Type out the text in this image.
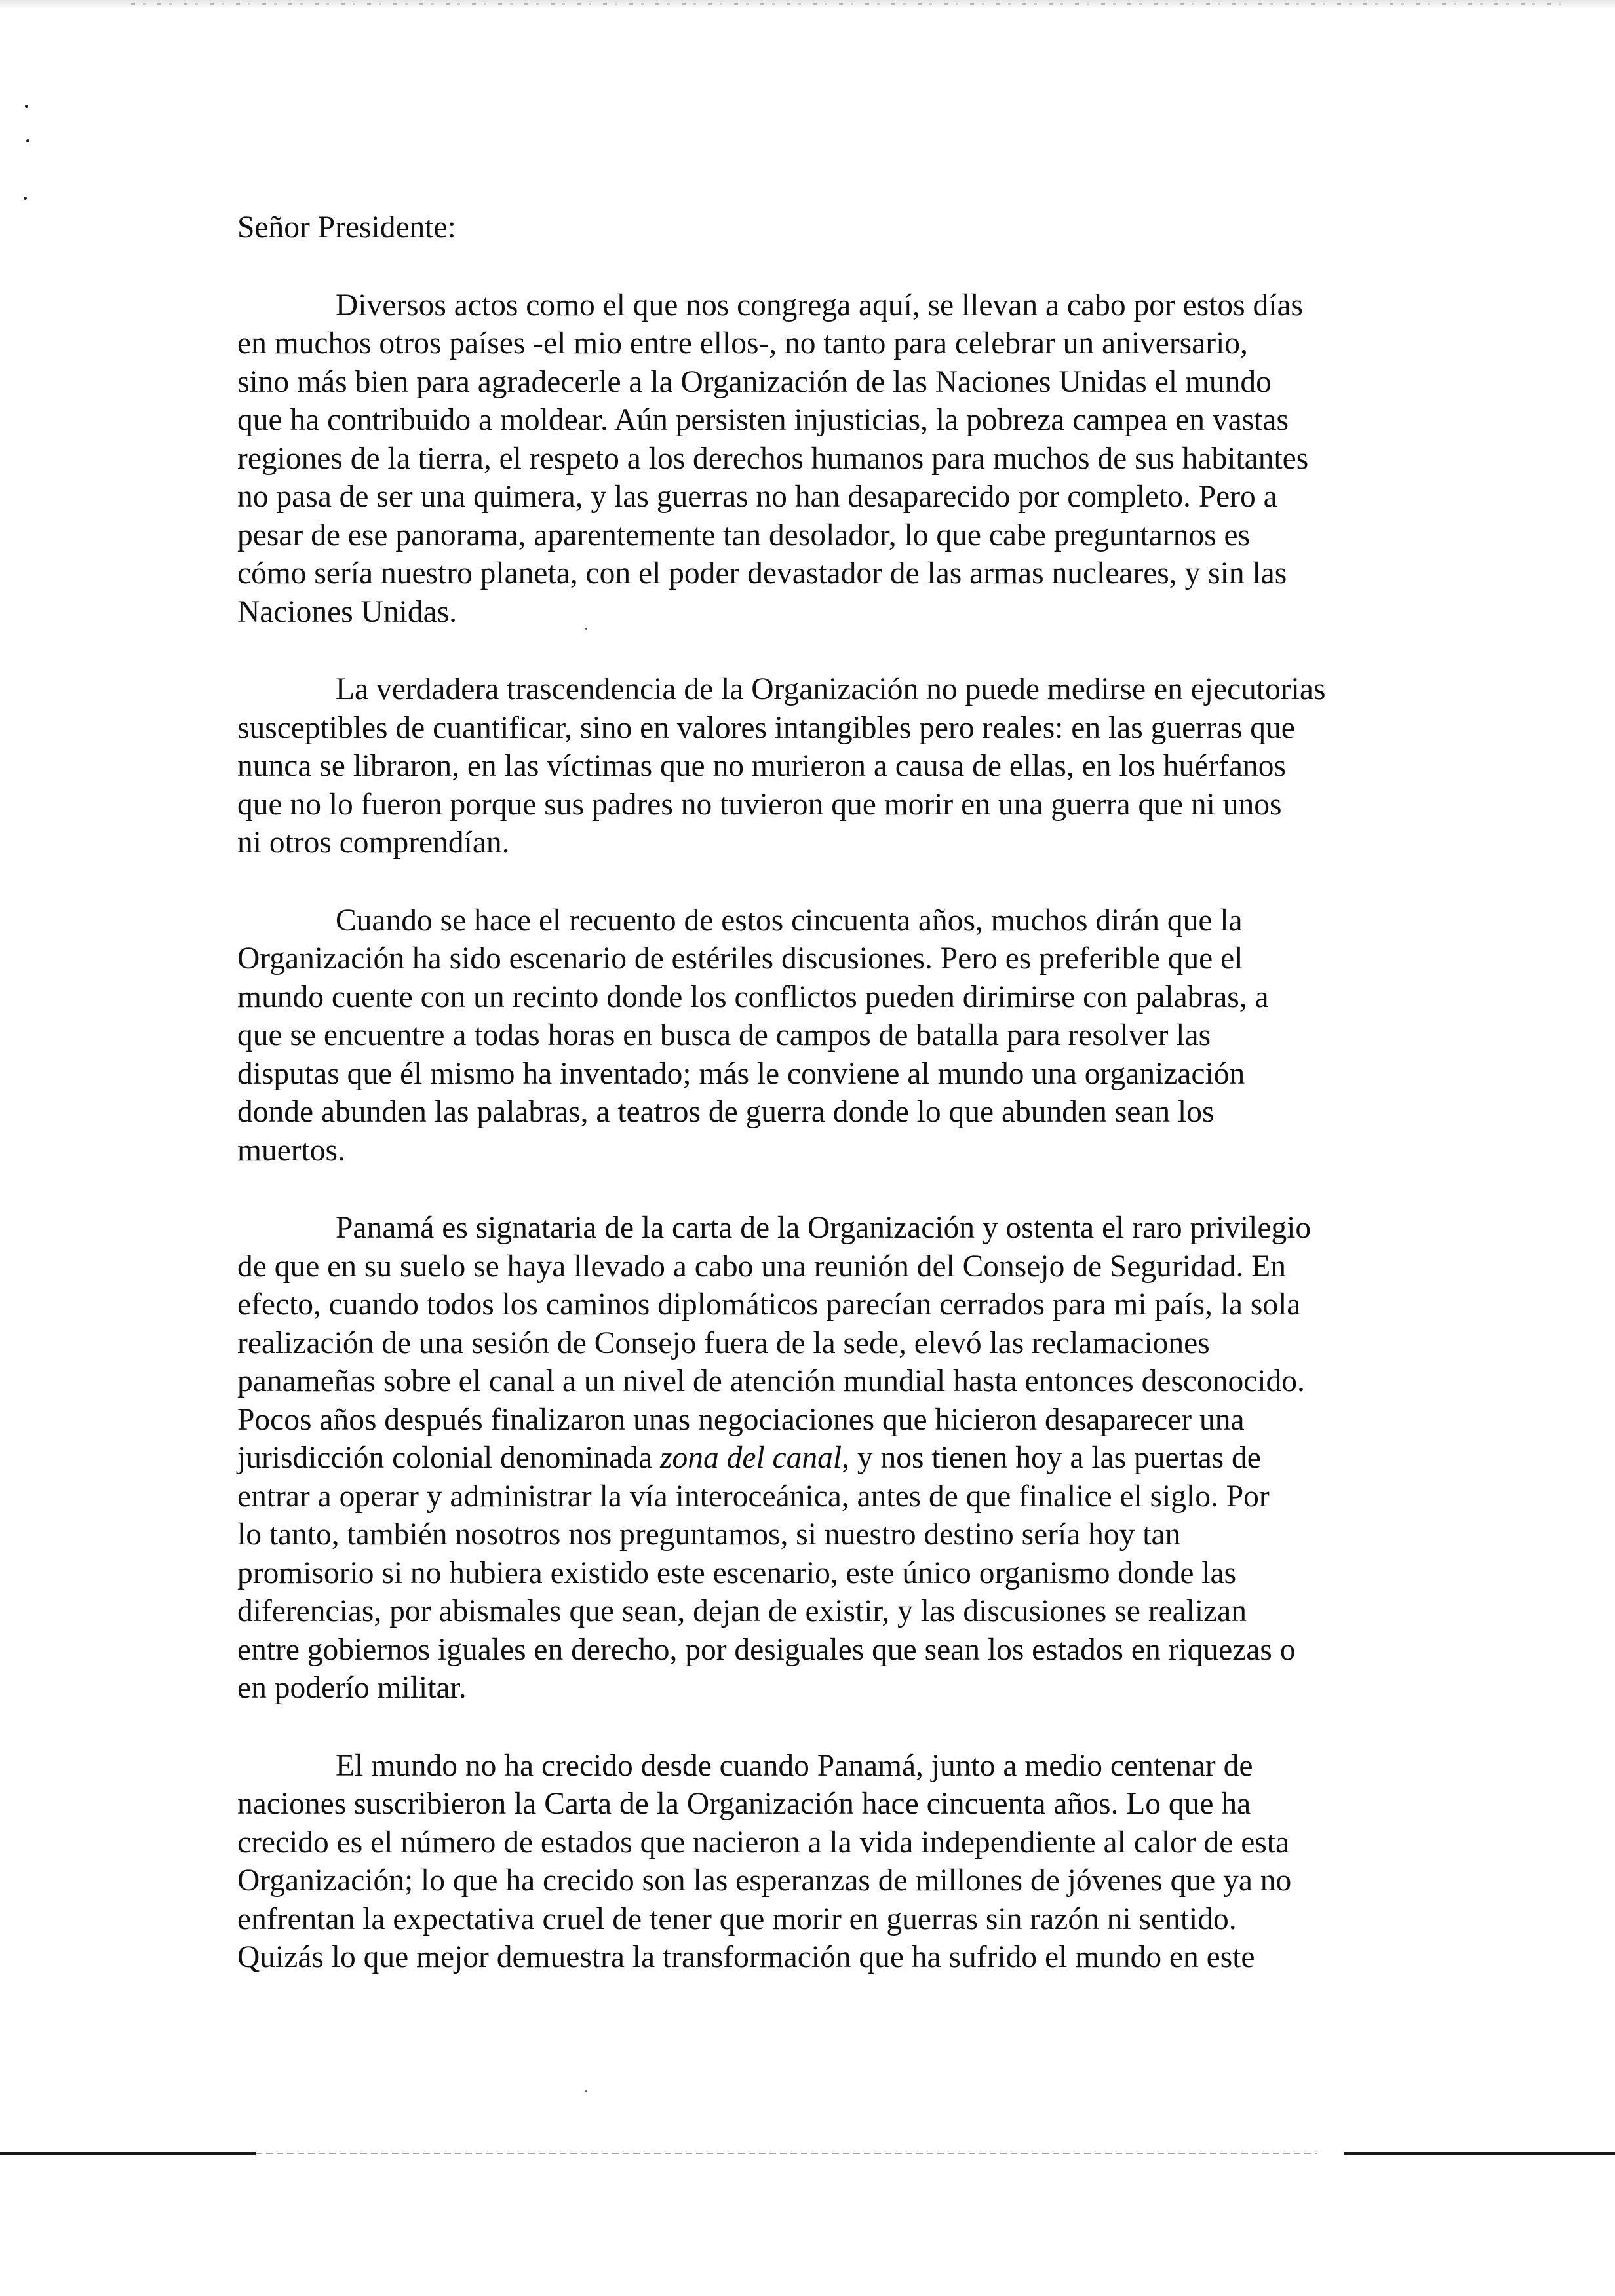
Señor Presidente:

Diversos actos como el que nos congrega aquí, se llevan a cabo por estos días
en muchos otros países -el mio entre ellos-, no tanto para celebrar un aniversario,
sino más bien para agradecerle a la Organización de las Naciones Unidas el mundo
que ha contribuido a moldear. Aún persisten injusticias, la pobreza campea en vastas
regiones de la tierra, el respeto a los derechos humanos para muchos de sus habitantes
no pasa de ser una quimera, y las guerras no han desaparecido por completo. Pero a
pesar de ese panorama, aparentemente tan desolador, lo que cabe preguntarnos es
cómo sería nuestro planeta, con el poder devastador de las armas nucleares, y sin las
Naciones Unidas.

La verdadera trascendencia de la Organización no puede medirse en ejecutorias
susceptibles de cuantificar, sino en valores intangibles pero reales: en las guerras que
nunca se libraron, en las víctimas que no murieron a causa de ellas, en los huérfanos
que no lo fueron porque sus padres no tuvieron que morir en una guerra que ni unos
ni otros comprendían.

Cuando se hace el recuento de estos cincuenta años, muchos dirán que la
Organización ha sido escenario de estériles discusiones. Pero es preferible que el
mundo cuente con un recinto donde los conflictos pueden dirimirse con palabras, a
que se encuentre a todas horas en busca de campos de batalla para resolver las
disputas que él mismo ha inventado; más le conviene al mundo una organización
donde abunden las palabras, a teatros de guerra donde lo que abunden sean los
muertos.

Panamá es signataria de la carta de la Organización y ostenta el raro privilegio
de que en su suelo se haya llevado a cabo una reunión del Consejo de Seguridad. En
efecto, cuando todos los caminos diplomáticos parecían cerrados para mi país, la sola
realización de una sesión de Consejo fuera de la sede, elevó las reclamaciones
panameñas sobre el canal a un nivel de atención mundial hasta entonces desconocido.
Pocos años después finalizaron unas negociaciones que hicieron desaparecer una
jurisdicción colonial denominada zona del canal, y nos tienen hoy a las puertas de
entrar a operar y administrar la vía interoceánica, antes de que finalice el siglo. Por
lo tanto, también nosotros nos preguntamos, si nuestro destino sería hoy tan
promisorio si no hubiera existido este escenario, este único organismo donde las
diferencias, por abismales que sean, dejan de existir, y las discusiones se realizan
entre gobiernos iguales en derecho, por desiguales que sean los estados en riquezas o
en poderío militar.

El mundo no ha crecido desde cuando Panamá, junto a medio centenar de
naciones suscribieron la Carta de la Organización hace cincuenta años. Lo que ha
crecido es el número de estados que nacieron a la vida independiente al calor de esta
Organización; lo que ha crecido son las esperanzas de millones de jóvenes que ya no
enfrentan la expectativa cruel de tener que morir en guerras sin razón ni sentido.
Quizás lo que mejor demuestra la transformación que ha sufrido el mundo en este
